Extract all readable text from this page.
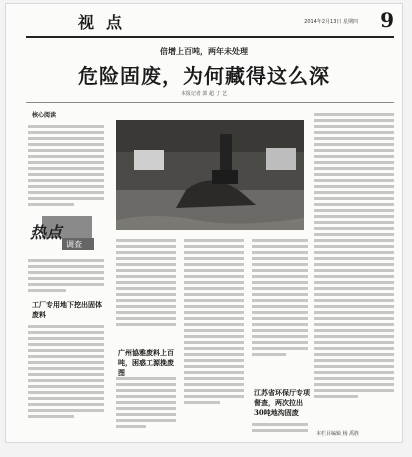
视点	2014年2月13日 星期四 9
倍增上百吨，两年未处理
危险固废，为何藏得这么深
本报记者 郭 超 丁 艺
核心阅读
热点
调查
工厂专用地下挖出固体废料
广州協雅废料上百吨，困惑工源挽废图
江苏省环保厅专项督查，两次拉出30吨地沟固废
本栏目编辑 杨 禹胜
